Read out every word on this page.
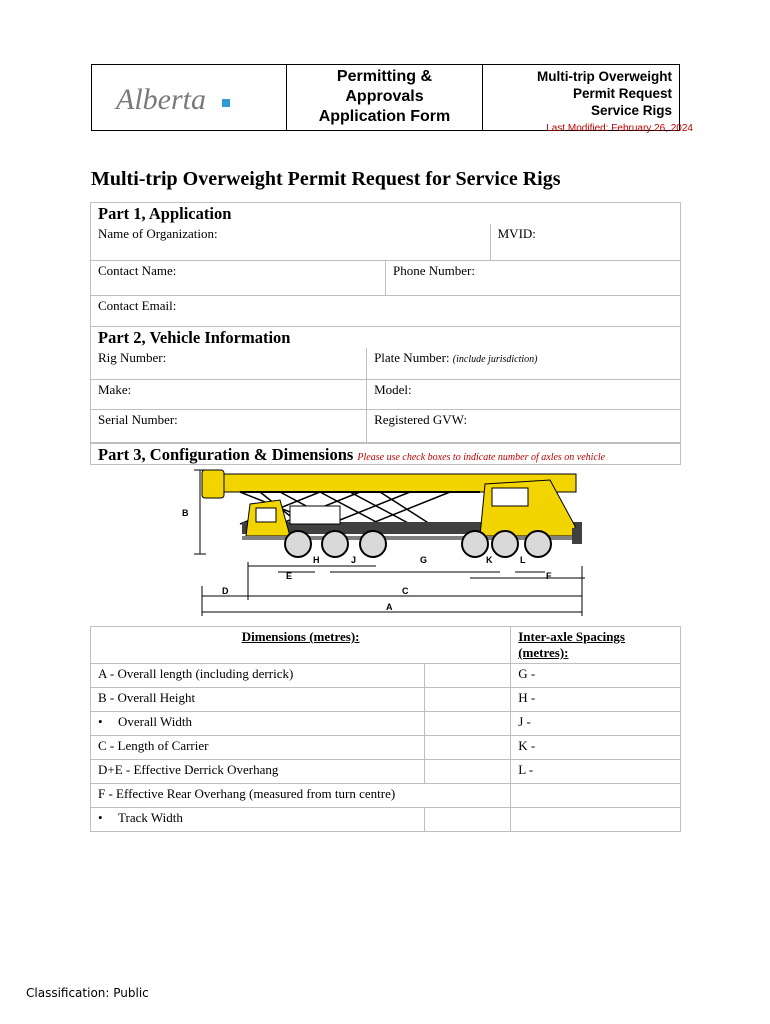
Alberta
Permitting &
Approvals
Application Form
Multi-trip Overweight
Permit Request
Service Rigs
Last Modified: February 26, 2024
Multi-trip Overweight Permit Request for Service Rigs
Part 1, Application
Name of Organization:	MVID:
Contact Name:	Phone Number:
Contact Email:
Part 2, Vehicle Information
Rig Number:	Plate Number: (include jurisdiction)
Make:	Model:
Serial Number:	Registered GVW:
Part 3, Configuration & Dimensions Please use check boxes to indicate number of axles on vehicle
B
E
H	J	G	K	L
F
D	C
A
Dimensions (metres):		Inter-axle Spacings (metres):
A - Overall length (including derrick)		G -
B - Overall Height		H -
• Overall Width		J -
C - Length of Carrier		K -
D+E - Effective Derrick Overhang		L -
F - Effective Rear Overhang (measured from turn centre)		
• Track Width		
Classification: Public
